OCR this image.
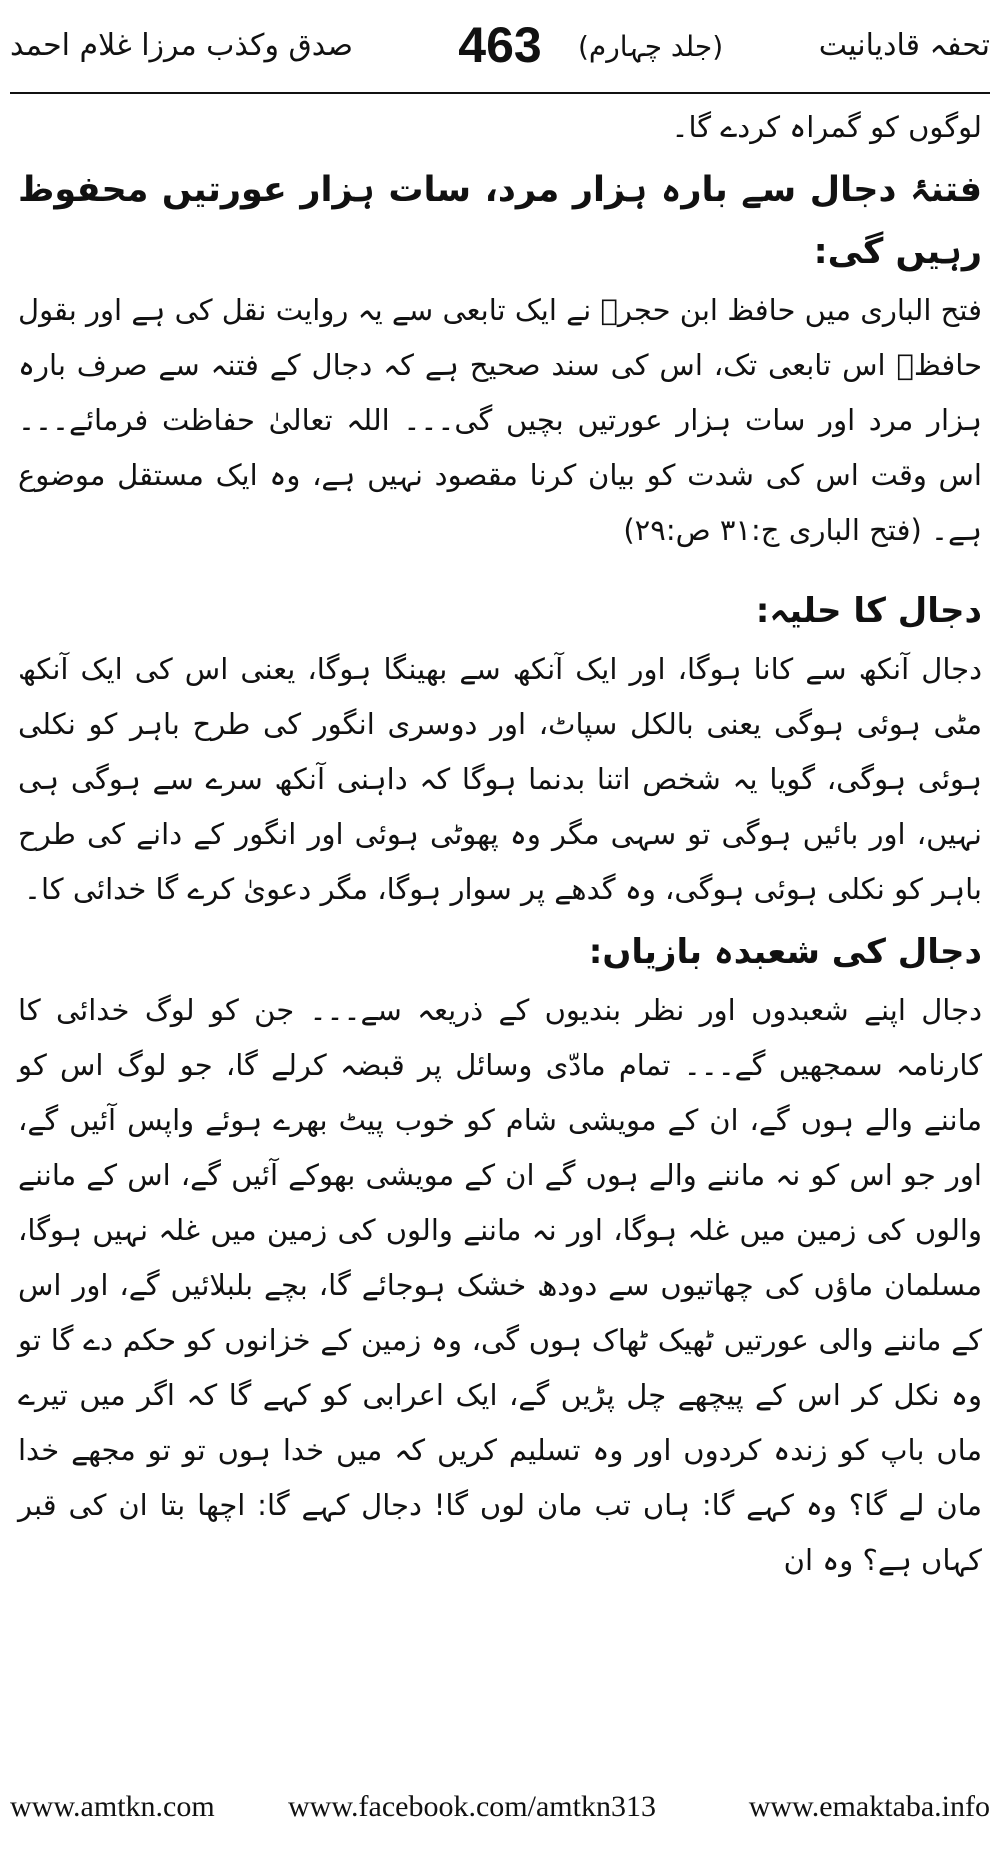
تحفہ قادیانیت
463	(جلد چہارم)
صدق وکذب مرزا غلام احمد

لوگوں کو گمراہ کردے گا۔

فتنۂ دجال سے بارہ ہزار مرد، سات ہزار عورتیں محفوظ رہیں گی:

فتح الباری میں حافظ ابن حجرؒ نے ایک تابعی سے یہ روایت نقل کی ہے اور بقول حافظؒ اس تابعی تک، اس کی سند صحیح ہے کہ دجال کے فتنہ سے صرف بارہ ہزار مرد اور سات ہزار عورتیں بچیں گی۔۔۔ اللہ تعالیٰ حفاظت فرمائے۔۔۔ اس وقت اس کی شدت کو بیان کرنا مقصود نہیں ہے، وہ ایک مستقل موضوع ہے۔ (فتح الباری ج:۳۱ ص:۲۹)

دجال کا حلیہ:

دجال آنکھ سے کانا ہوگا، اور ایک آنکھ سے بھینگا ہوگا، یعنی اس کی ایک آنکھ مٹی ہوئی ہوگی یعنی بالکل سپاٹ، اور دوسری انگور کی طرح باہر کو نکلی ہوئی ہوگی، گویا یہ شخص اتنا بدنما ہوگا کہ داہنی آنکھ سرے سے ہوگی ہی نہیں، اور بائیں ہوگی تو سہی مگر وہ پھوٹی ہوئی اور انگور کے دانے کی طرح باہر کو نکلی ہوئی ہوگی، وہ گدھے پر سوار ہوگا، مگر دعویٰ کرے گا خدائی کا۔

دجال کی شعبدہ بازیاں:

دجال اپنے شعبدوں اور نظر بندیوں کے ذریعہ سے۔۔۔ جن کو لوگ خدائی کا کارنامہ سمجھیں گے۔۔۔ تمام مادّی وسائل پر قبضہ کرلے گا، جو لوگ اس کو ماننے والے ہوں گے، ان کے مویشی شام کو خوب پیٹ بھرے ہوئے واپس آئیں گے، اور جو اس کو نہ ماننے والے ہوں گے ان کے مویشی بھوکے آئیں گے، اس کے ماننے والوں کی زمین میں غلہ ہوگا، اور نہ ماننے والوں کی زمین میں غلہ نہیں ہوگا، مسلمان ماؤں کی چھاتیوں سے دودھ خشک ہوجائے گا، بچے بلبلائیں گے، اور اس کے ماننے والی عورتیں ٹھیک ٹھاک ہوں گی، وہ زمین کے خزانوں کو حکم دے گا تو وہ نکل کر اس کے پیچھے چل پڑیں گے، ایک اعرابی کو کہے گا کہ اگر میں تیرے ماں باپ کو زندہ کردوں اور وہ تسلیم کریں کہ میں خدا ہوں تو تو مجھے خدا مان لے گا؟ وہ کہے گا: ہاں تب مان لوں گا! دجال کہے گا: اچھا بتا ان کی قبر کہاں ہے؟ وہ ان

www.amtkn.com www.facebook.com/amtkn313	www.emaktaba.info
